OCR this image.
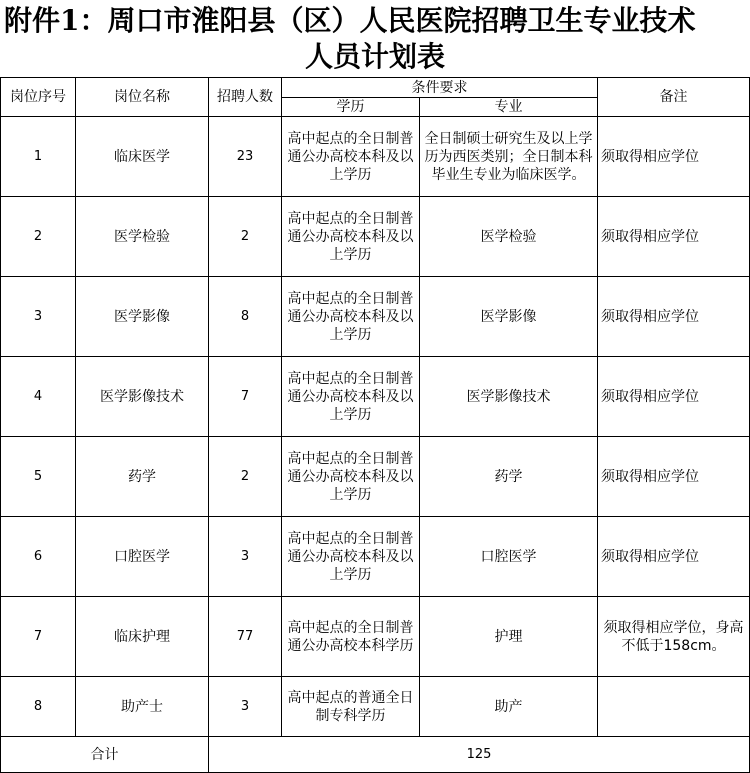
附件1：周口市淮阳县（区）人民医院招聘卫生专业技术
人员计划表
岗位序号	岗位名称	招聘人数	条件要求		备注
			学历	专业	
1	临床医学	23	高中起点的全日制普通公办高校本科及以上学历	全日制硕士研究生及以上学历为西医类别；全日制本科毕业生专业为临床医学。	须取得相应学位
2	医学检验	2	高中起点的全日制普通公办高校本科及以上学历	医学检验	须取得相应学位
3	医学影像	8	高中起点的全日制普通公办高校本科及以上学历	医学影像	须取得相应学位
4	医学影像技术	7	高中起点的全日制普通公办高校本科及以上学历	医学影像技术	须取得相应学位
5	药学	2	高中起点的全日制普通公办高校本科及以上学历	药学	须取得相应学位
6	口腔医学	3	高中起点的全日制普通公办高校本科及以上学历	口腔医学	须取得相应学位
7	临床护理	77	高中起点的全日制普通公办高校本科学历	护理	须取得相应学位，身高不低于158cm。
8	助产士	3	高中起点的普通全日制专科学历	助产	
合计		125			
